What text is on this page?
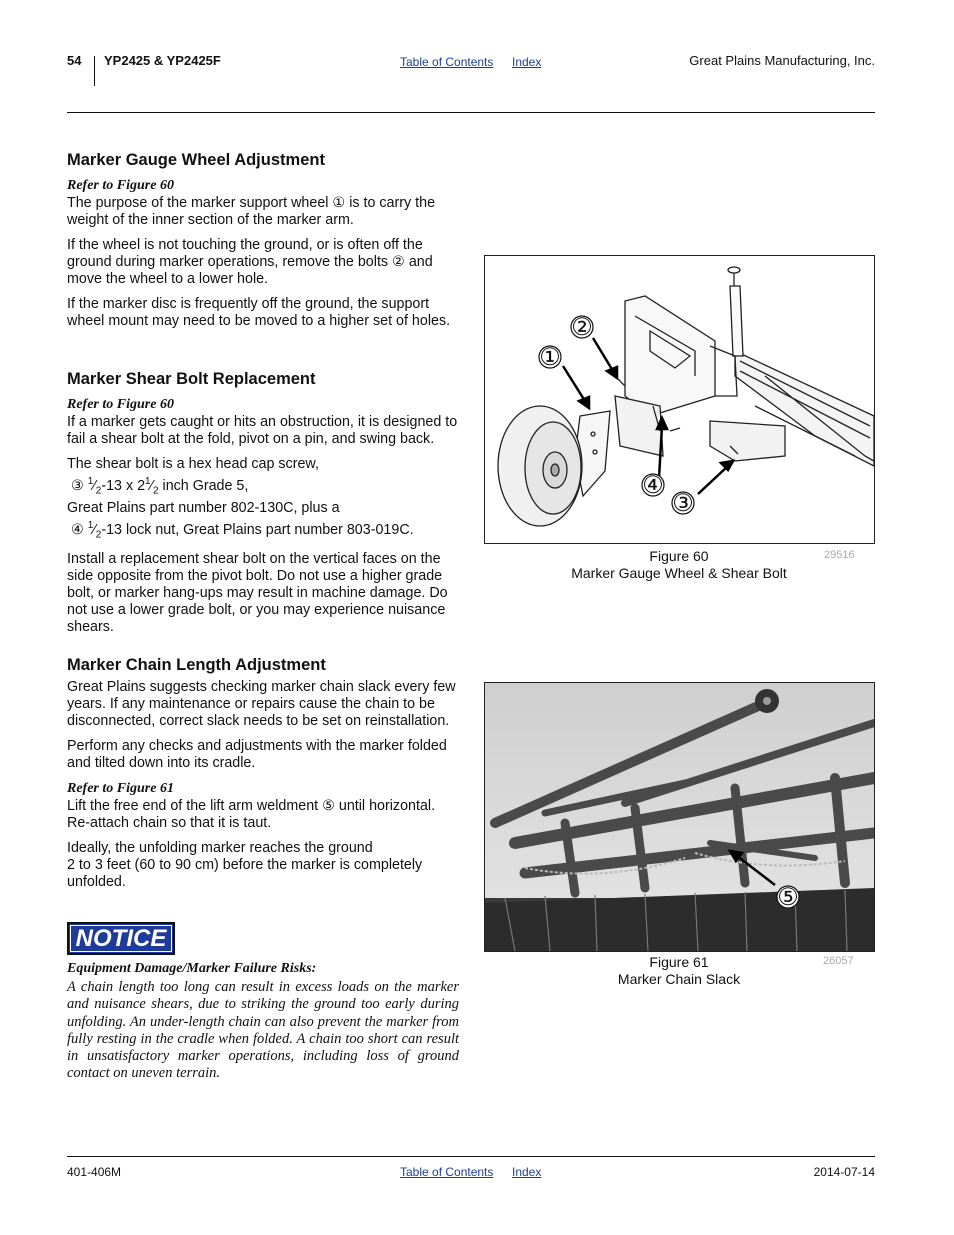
54 YP2425 & YP2425F	Table of Contents Index	Great Plains Manufacturing, Inc.
Marker Gauge Wheel Adjustment

Refer to Figure 60

The purpose of the marker support wheel ① is to carry the weight of the inner section of the marker arm.

If the wheel is not touching the ground, or is often off the ground during marker operations, remove the bolts ② and move the wheel to a lower hole.

If the marker disc is frequently off the ground, the support wheel mount may need to be moved to a higher set of holes.

Marker Shear Bolt Replacement

Refer to Figure 60

If a marker gets caught or hits an obstruction, it is designed to fail a shear bolt at the fold, pivot on a pin, and swing back.

The shear bolt is a hex head cap screw,
③ $^1⁄_2-13$ x $2^1⁄_2$ inch Grade 5,
Great Plains part number 802-130C, plus a
④ $^1⁄_2-13$ lock nut, Great Plains part number 803-019C.

Install a replacement shear bolt on the vertical faces on the side opposite from the pivot bolt. Do not use a higher grade bolt, or marker hang-ups may result in machine damage. Do not use a lower grade bolt, or you may experience nuisance shears.

Marker Chain Length Adjustment

Great Plains suggests checking marker chain slack every few years. If any maintenance or repairs cause the chain to be disconnected, correct slack needs to be set on reinstallation.

Perform any checks and adjustments with the marker folded and tilted down into its cradle.

Refer to Figure 61

Lift the free end of the lift arm weldment ⑤ until horizontal. Re-attach chain so that it is taut.

Ideally, the unfolding marker reaches the ground
2 to 3 feet (60 to 90 cm) before the marker is completely unfolded.

NOTICE
Equipment Damage/Marker Failure Risks:
A chain length too long can result in excess loads on the marker and nuisance shears, due to striking the ground too early during unfolding. An under-length chain can also prevent the marker from fully resting in the cradle when folded. A chain too short can result in unsatisfactory marker operations, including loss of ground contact on uneven terrain.
①
②
③
④
Figure 60
Marker Gauge Wheel & Shear Bolt
29516
⑤
Figure 61
Marker Chain Slack
26057
401-406M	Table of Contents Index	2014-07-14
